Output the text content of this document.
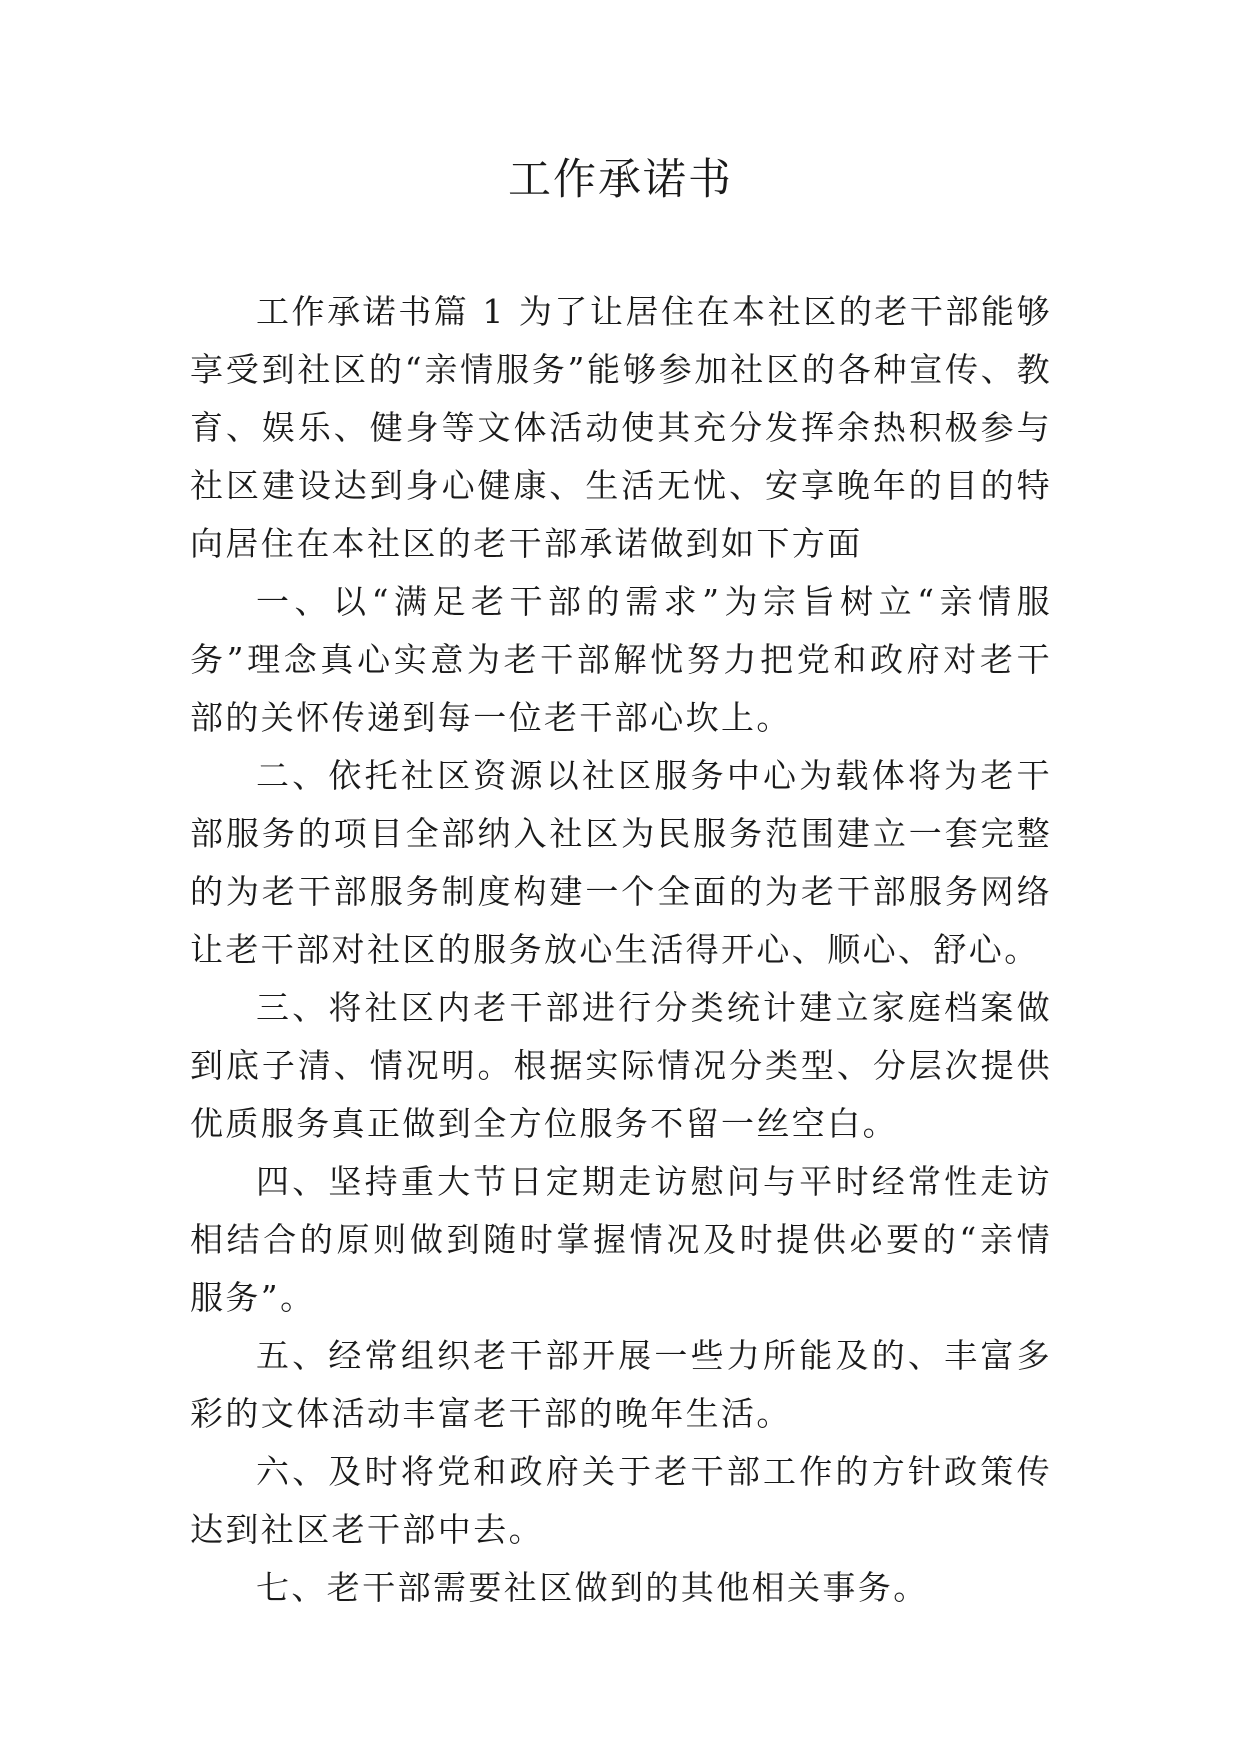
工作承诺书

工作承诺书篇 1 为了让居住在本社区的老干部能够享受到社区的“亲情服务”能够参加社区的各种宣传、教育、娱乐、健身等文体活动使其充分发挥余热积极参与社区建设达到身心健康、生活无忧、安享晚年的目的特向居住在本社区的老干部承诺做到如下方面

一、以“满足老干部的需求”为宗旨树立“亲情服务”理念真心实意为老干部解忧努力把党和政府对老干部的关怀传递到每一位老干部心坎上。

二、依托社区资源以社区服务中心为载体将为老干部服务的项目全部纳入社区为民服务范围建立一套完整的为老干部服务制度构建一个全面的为老干部服务网络让老干部对社区的服务放心生活得开心、顺心、舒心。

三、将社区内老干部进行分类统计建立家庭档案做到底子清、情况明。根据实际情况分类型、分层次提供优质服务真正做到全方位服务不留一丝空白。

四、坚持重大节日定期走访慰问与平时经常性走访相结合的原则做到随时掌握情况及时提供必要的“亲情服务”。

五、经常组织老干部开展一些力所能及的、丰富多彩的文体活动丰富老干部的晚年生活。

六、及时将党和政府关于老干部工作的方针政策传达到社区老干部中去。

七、老干部需要社区做到的其他相关事务。
